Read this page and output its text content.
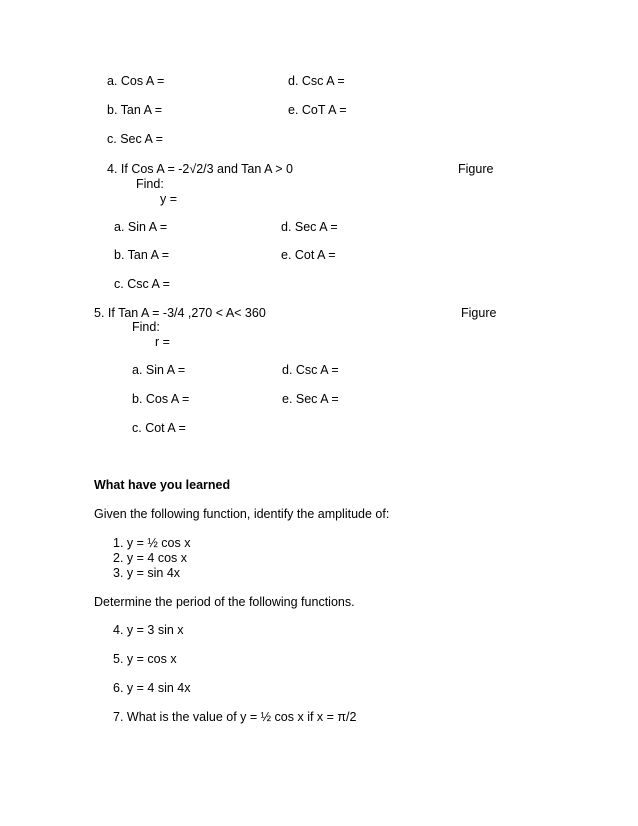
a. Cos A =	d. Csc A =
b. Tan A =	e. CoT A =
c. Sec A =
4. If Cos A = -2√2/3 and Tan A > 0	Figure
Find:
y =
a. Sin A =	d. Sec A =
b. Tan A =	e. Cot A =
c. Csc A =
5. If Tan A = -3/4 ,270 < A< 360	Figure
Find:
r =
a. Sin A =	d. Csc A =
b. Cos A =	e. Sec A =
c. Cot A =
What have you learned
Given the following function, identify the amplitude of:
1. y = ½ cos x
2. y = 4 cos x
3. y = sin 4x
Determine the period of the following functions.
4. y = 3 sin x
5. y = cos x
6. y = 4 sin 4x
7. What is the value of y = ½ cos x if x = π/2
